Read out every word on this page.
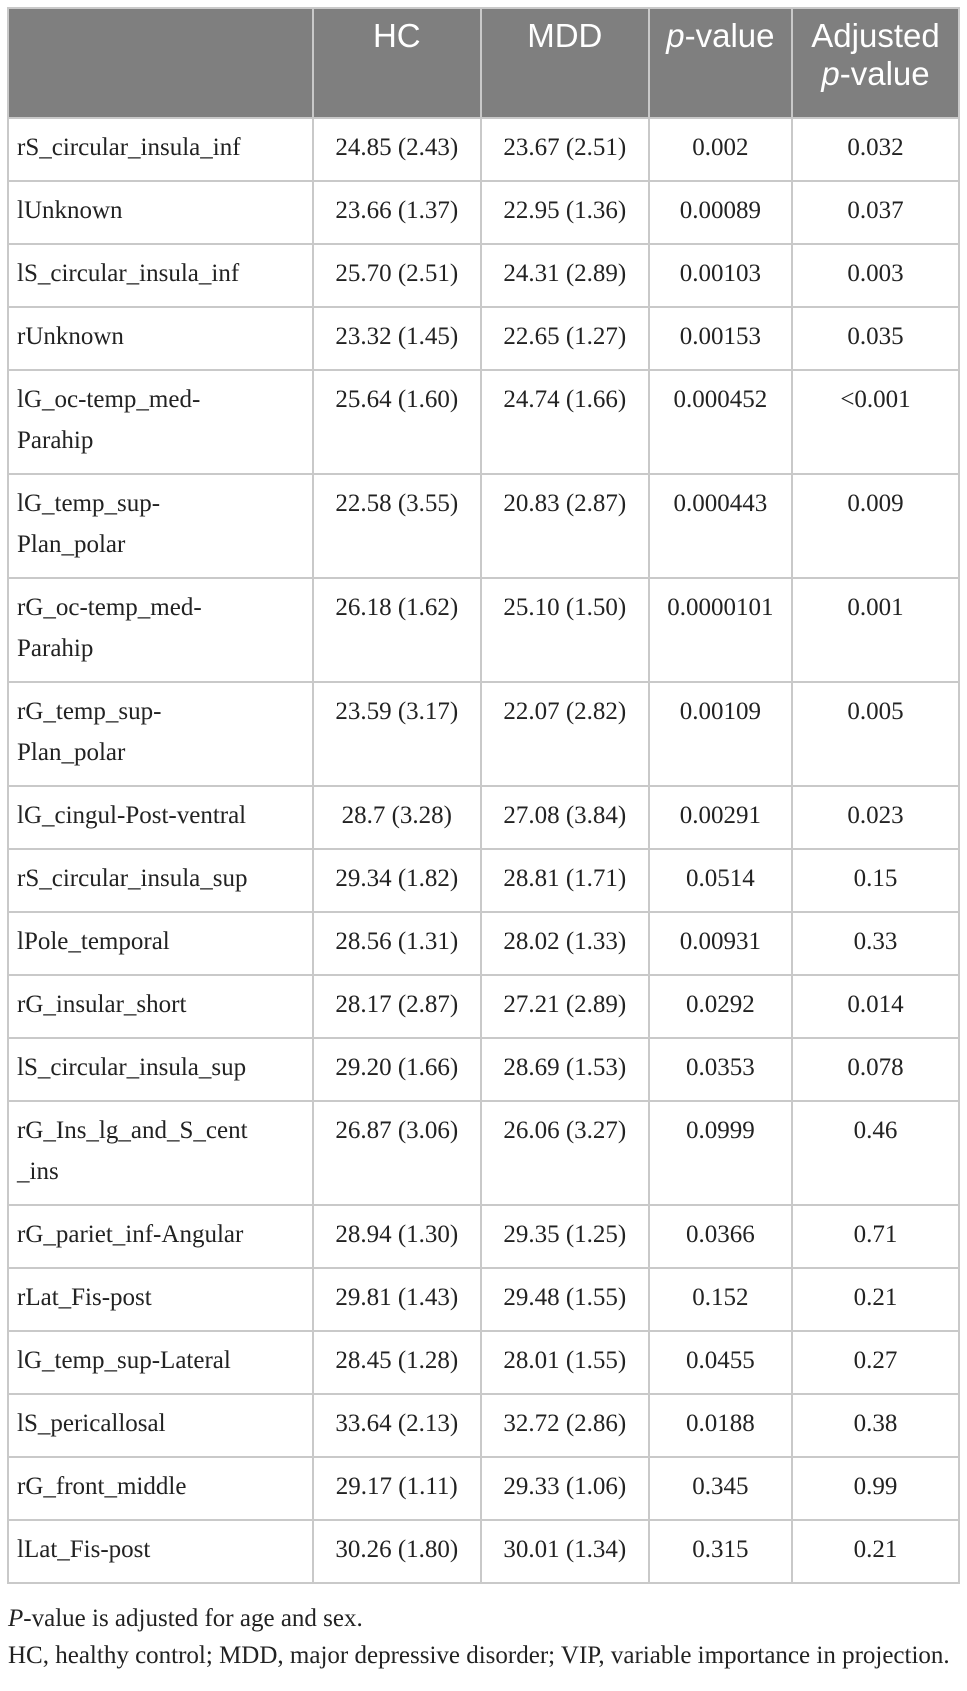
	HC	MDD	p-value	Adjusted
p-value
rS_circular_insula_inf	24.85 (2.43)	23.67 (2.51)	0.002	0.032
lUnknown	23.66 (1.37)	22.95 (1.36)	0.00089	0.037
lS_circular_insula_inf	25.70 (2.51)	24.31 (2.89)	0.00103	0.003
rUnknown	23.32 (1.45)	22.65 (1.27)	0.00153	0.035
lG_oc-temp_med-
Parahip	25.64 (1.60)	24.74 (1.66)	0.000452	<0.001
lG_temp_sup-
Plan_polar	22.58 (3.55)	20.83 (2.87)	0.000443	0.009
rG_oc-temp_med-
Parahip	26.18 (1.62)	25.10 (1.50)	0.0000101	0.001
rG_temp_sup-
Plan_polar	23.59 (3.17)	22.07 (2.82)	0.00109	0.005
lG_cingul-Post-ventral	28.7 (3.28)	27.08 (3.84)	0.00291	0.023
rS_circular_insula_sup	29.34 (1.82)	28.81 (1.71)	0.0514	0.15
lPole_temporal	28.56 (1.31)	28.02 (1.33)	0.00931	0.33
rG_insular_short	28.17 (2.87)	27.21 (2.89)	0.0292	0.014
lS_circular_insula_sup	29.20 (1.66)	28.69 (1.53)	0.0353	0.078
rG_Ins_lg_and_S_cent
_ins	26.87 (3.06)	26.06 (3.27)	0.0999	0.46
rG_pariet_inf-Angular	28.94 (1.30)	29.35 (1.25)	0.0366	0.71
rLat_Fis-post	29.81 (1.43)	29.48 (1.55)	0.152	0.21
lG_temp_sup-Lateral	28.45 (1.28)	28.01 (1.55)	0.0455	0.27
lS_pericallosal	33.64 (2.13)	32.72 (2.86)	0.0188	0.38
rG_front_middle	29.17 (1.11)	29.33 (1.06)	0.345	0.99
lLat_Fis-post	30.26 (1.80)	30.01 (1.34)	0.315	0.21
P-value is adjusted for age and sex.
HC, healthy control; MDD, major depressive disorder; VIP, variable importance in projection.
